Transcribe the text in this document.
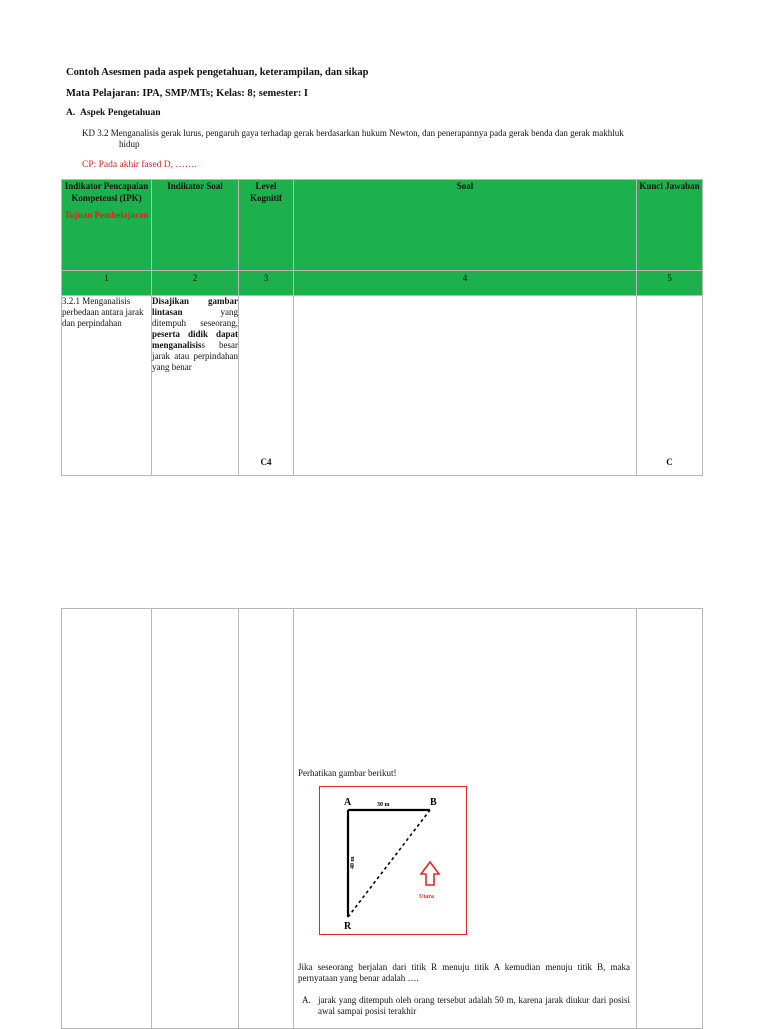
Contoh Asesmen pada aspek pengetahuan, keterampilan, dan sikap
Mata Pelajaran: IPA, SMP/MTs; Kelas: 8; semester: I
A.  Aspek Pengetahuan
KD 3.2 Menganalisis gerak lurus, pengaruh gaya terhadap gerak berdasarkan hukum Newton, dan penerapannya pada gerak benda dan gerak makhluk
hidup
CP: Pada akhir fased D, …….
Indikator Pencapaian Kompetensi (IPK)
Tujuan Pembelajaran	Indikator Soal	Level Kognitif	Soal	Kunci Jawaban
1	2	3	4	5
3.2.1 Menganalisis perbedaan antara jarak dan perpindahan	Disajikan gambar lintasan yang ditempuh seseorang, peserta didik dapat menganalisiss besar jarak atau perpindahan yang benar	C4		C

Perhatikan gambar berikut!
A	B
R
30 m
40 m
Utara
Jika seseorang berjalan dari titik R menuju titik A kemudian menuju titik B, maka pernyataan yang benar adalah ….
A. jarak yang ditempuh oleh orang tersebut adalah 50 m, karena jarak diukur dari posisi awal sampai posisi terakhir
